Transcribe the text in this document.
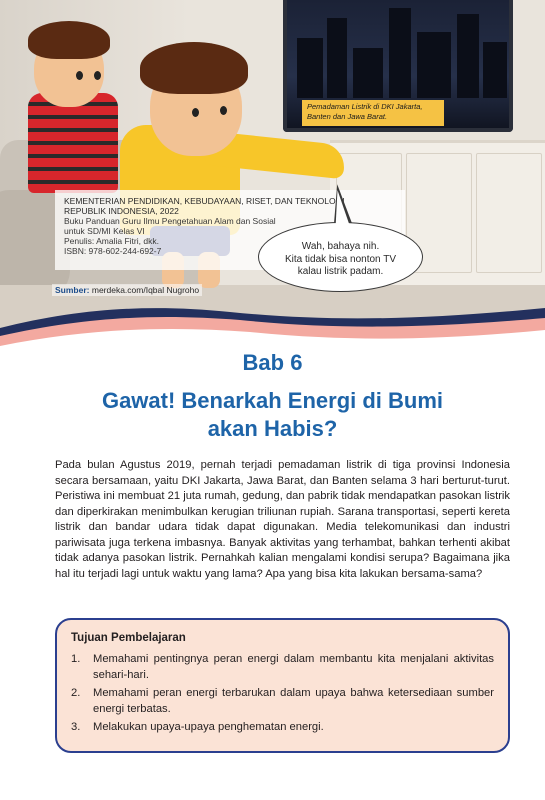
Pemadaman Listrik di DKI Jakarta, Banten dan Jawa Barat.
KEMENTERIAN PENDIDIKAN, KEBUDAYAAN, RISET, DAN TEKNOLOGI
REPUBLIK INDONESIA, 2022
Buku Panduan Guru Ilmu Pengetahuan Alam dan Sosial
untuk SD/MI Kelas VI
Penulis: Amalia Fitri, dkk.
ISBN: 978-602-244-692-7	Wah, bahaya nih.
Kita tidak bisa nonton TV
kalau listrik padam.
Sumber: merdeka.com/Iqbal Nugroho
Bab 6
Gawat! Benarkah Energi di Bumi akan Habis?

Pada bulan Agustus 2019, pernah terjadi pemadaman listrik di tiga provinsi Indonesia secara bersamaan, yaitu DKI Jakarta, Jawa Barat, dan Banten selama 3 hari berturut-turut. Peristiwa ini membuat 21 juta rumah, gedung, dan pabrik tidak mendapatkan pasokan listrik dan diperkirakan menimbulkan kerugian triliunan rupiah. Sarana transportasi, seperti kereta listrik dan bandar udara tidak dapat digunakan. Media telekomunikasi dan industri pariwisata juga terkena imbasnya. Banyak aktivitas yang terhambat, bahkan terhenti akibat tidak adanya pasokan listrik. Pernahkah kalian mengalami kondisi serupa? Bagaimana jika hal itu terjadi lagi untuk waktu yang lama? Apa yang bisa kita lakukan bersama-sama?

Tujuan Pembelajaran
1. Memahami pentingnya peran energi dalam membantu kita menjalani aktivitas sehari-hari.
2. Memahami peran energi terbarukan dalam upaya bahwa ketersediaan sumber energi terbatas.
3. Melakukan upaya-upaya penghematan energi.
